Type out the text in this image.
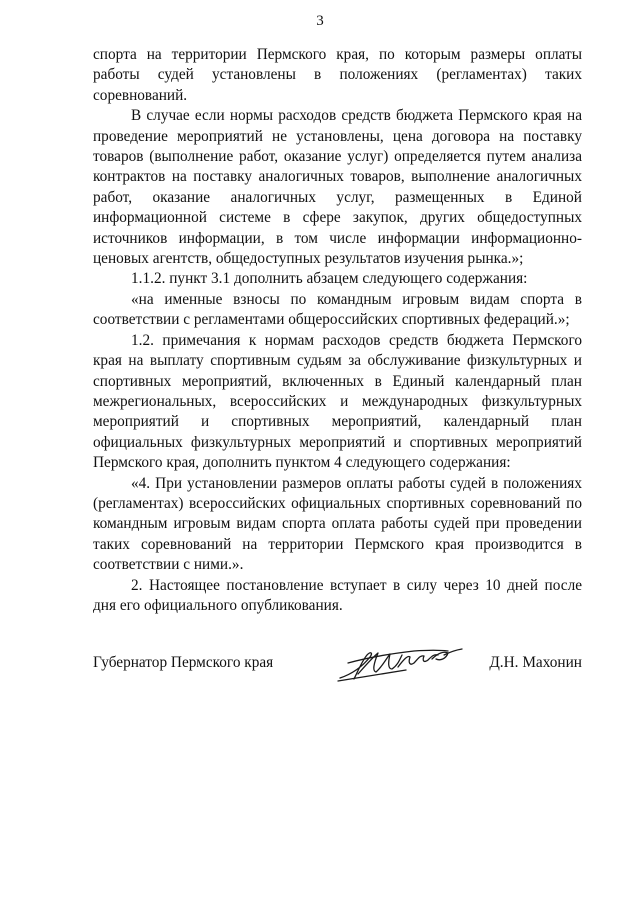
3

спорта на территории Пермского края, по которым размеры оплаты работы судей установлены в положениях (регламентах) таких соревнований.

В случае если нормы расходов средств бюджета Пермского края на проведение мероприятий не установлены, цена договора на поставку товаров (выполнение работ, оказание услуг) определяется путем анализа контрактов на поставку аналогичных товаров, выполнение аналогичных работ, оказание аналогичных услуг, размещенных в Единой информационной системе в сфере закупок, других общедоступных источников информации, в том числе информации информационно-ценовых агентств, общедоступных результатов изучения рынка.»;

1.1.2. пункт 3.1 дополнить абзацем следующего содержания:

«на именные взносы по командным игровым видам спорта в соответствии с регламентами общероссийских спортивных федераций.»;

1.2. примечания к нормам расходов средств бюджета Пермского края на выплату спортивным судьям за обслуживание физкультурных и спортивных мероприятий, включенных в Единый календарный план межрегиональных, всероссийских и международных физкультурных мероприятий и спортивных мероприятий, календарный план официальных физкультурных мероприятий и спортивных мероприятий Пермского края, дополнить пунктом 4 следующего содержания:

«4. При установлении размеров оплаты работы судей в положениях (регламентах) всероссийских официальных спортивных соревнований по командным игровым видам спорта оплата работы судей при проведении таких соревнований на территории Пермского края производится в соответствии с ними.».

2. Настоящее постановление вступает в силу через 10 дней после дня его официального опубликования.

Губернатор Пермского края	Д.Н. Махонин
